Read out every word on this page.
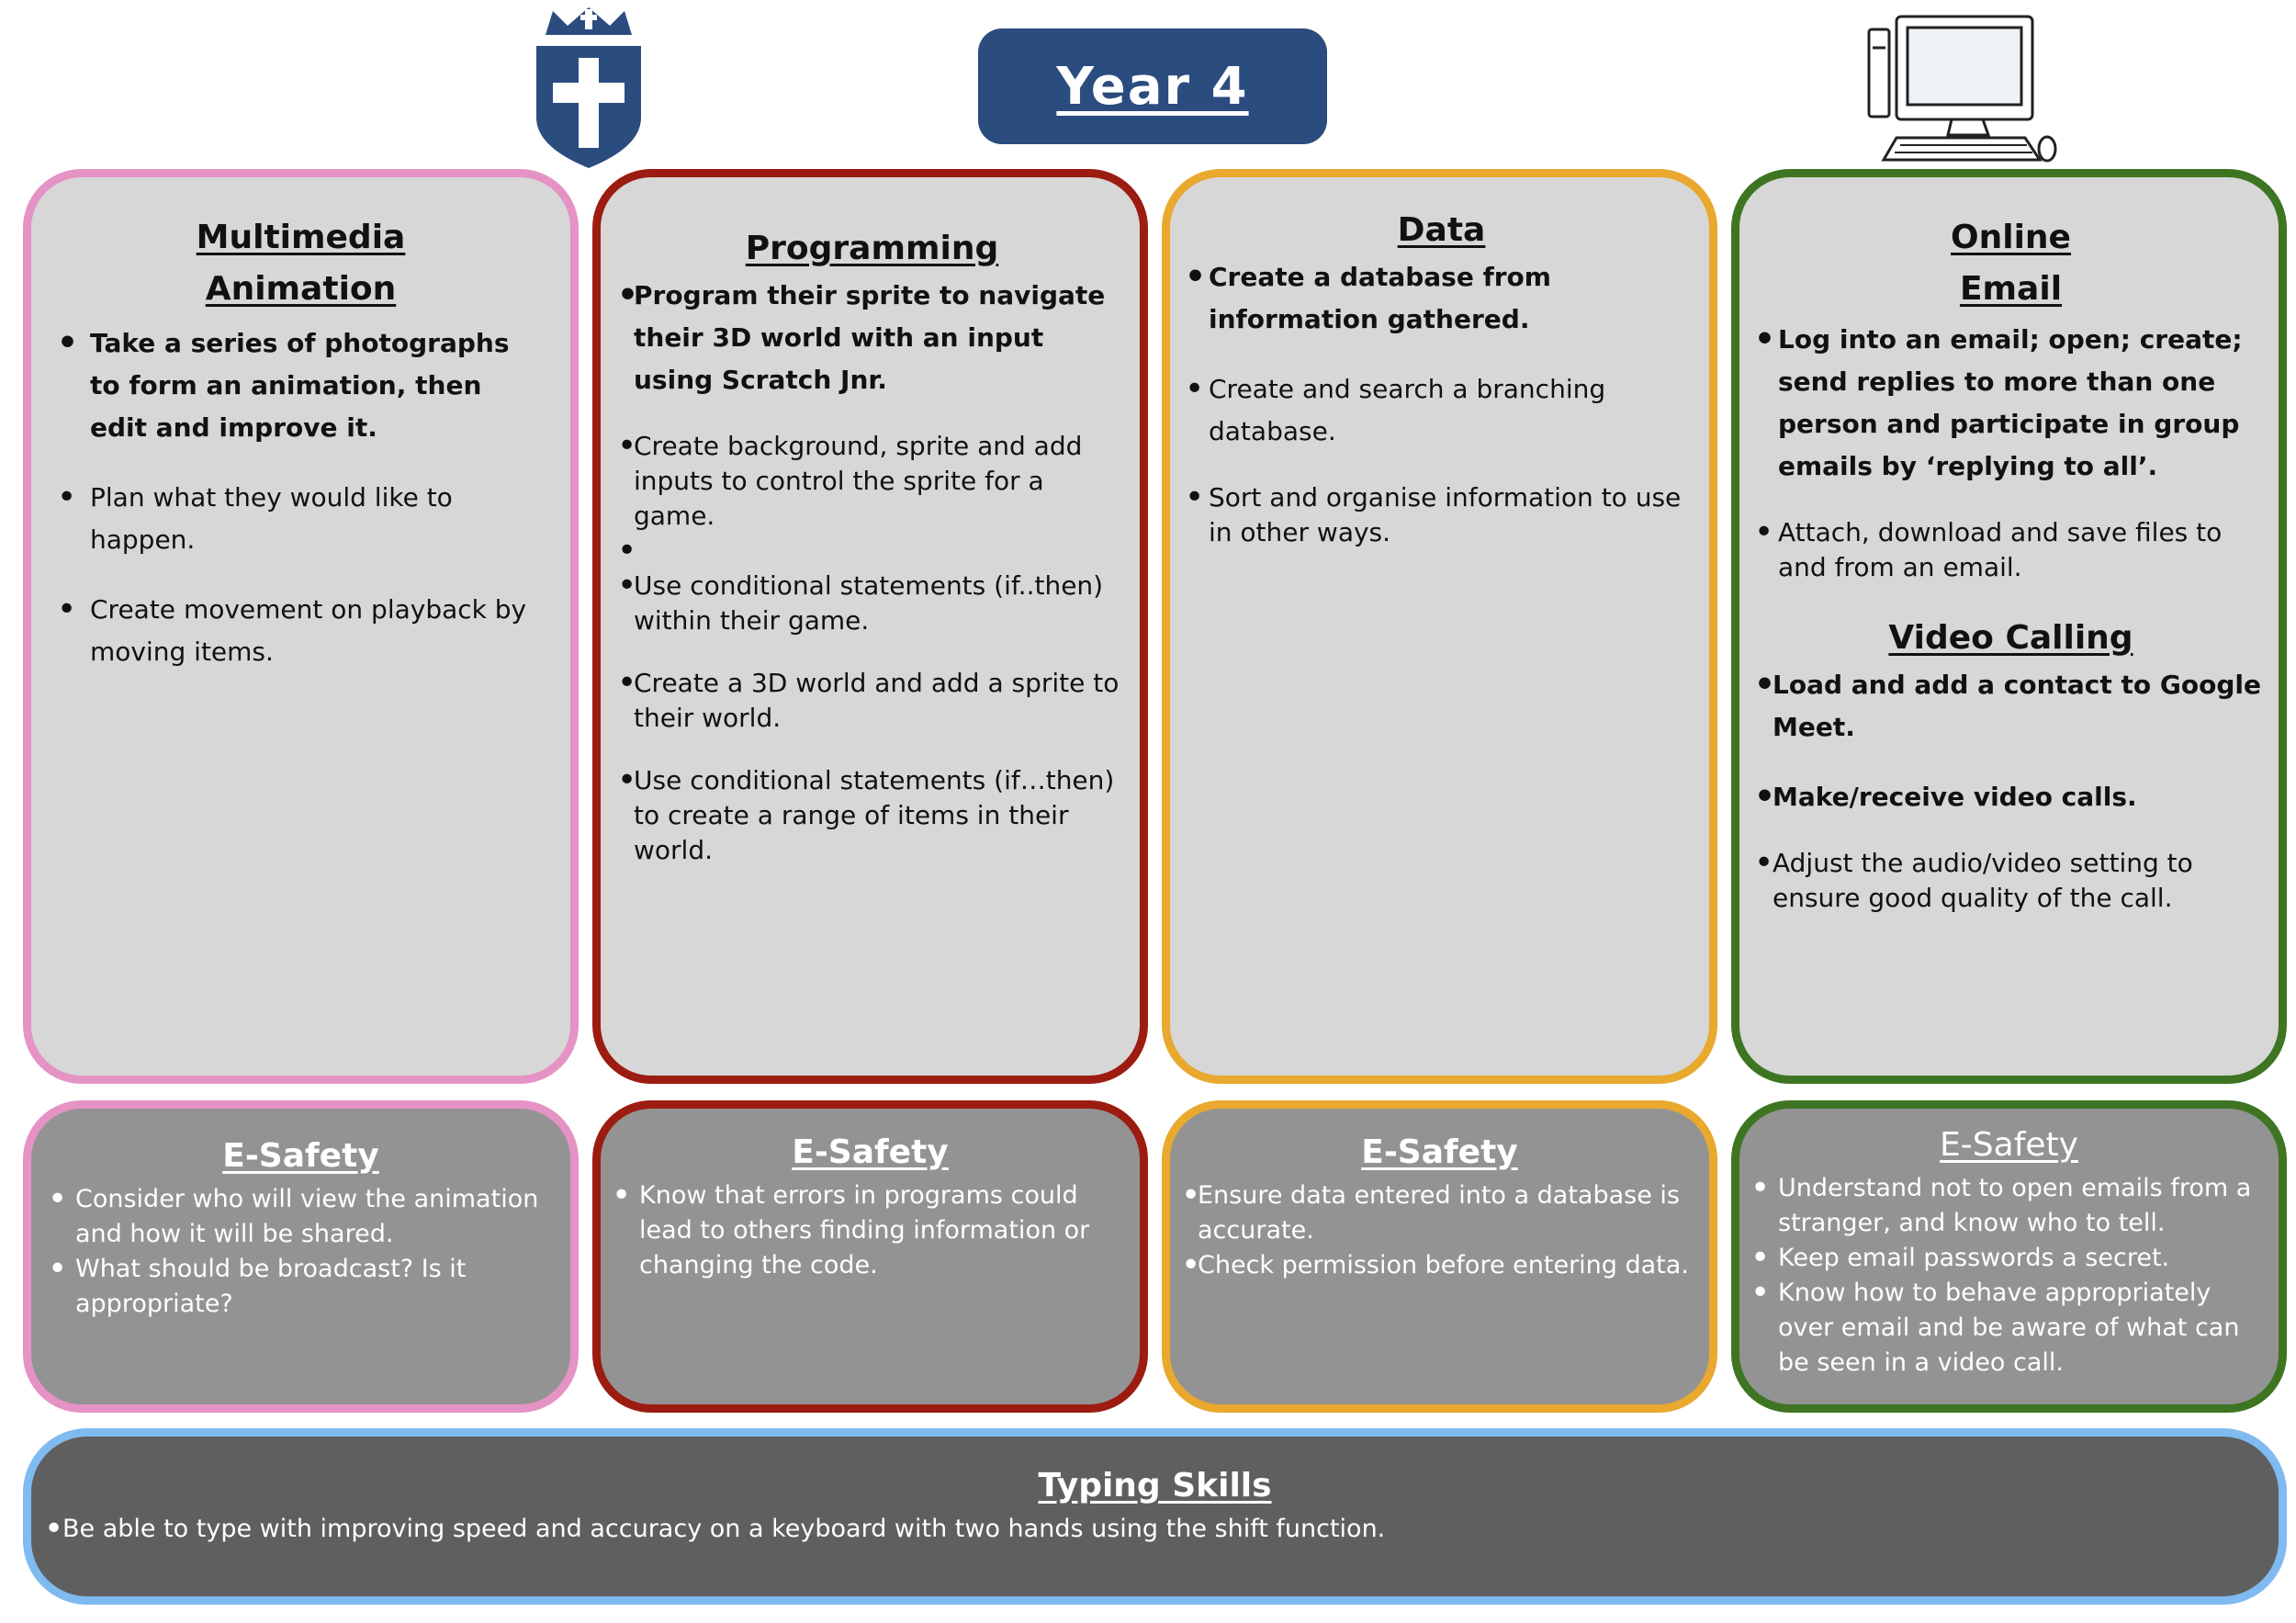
Year 4

Multimedia

Animation

• Take a series of photographs to form an animation, then edit and improve it.
• Plan what they would like to happen.
• Create movement on playback by moving items.

Programming

• Program their sprite to navigate their 3D world with an input using Scratch Jnr.
• Create background, sprite and add inputs to control the sprite for a game.
•
• Use conditional statements (if..then) within their game.
• Create a 3D world and add a sprite to their world.
• Use conditional statements (if…then) to create a range of items in their world.

Data

• Create a database from information gathered.
• Create and search a branching database.
• Sort and organise information to use in other ways.

Online

Email

• Log into an email; open; create; send replies to more than one person and participate in group emails by ‘replying to all’.
• Attach, download and save files to and from an email.

Video Calling

• Load and add a contact to Google Meet.
• Make/receive video calls.
• Adjust the audio/video setting to ensure good quality of the call.

E-Safety

• Consider who will view the animation and how it will be shared.
• What should be broadcast? Is it appropriate?

E-Safety

• Know that errors in programs could lead to others finding information or changing the code.

E-Safety

• Ensure data entered into a database is accurate.
• Check permission before entering data.

E-Safety

• Understand not to open emails from a stranger, and know who to tell.
• Keep email passwords a secret.
• Know how to behave appropriately over email and be aware of what can be seen in a video call.

Typing Skills

• Be able to type with improving speed and accuracy on a keyboard with two hands using the shift function.
